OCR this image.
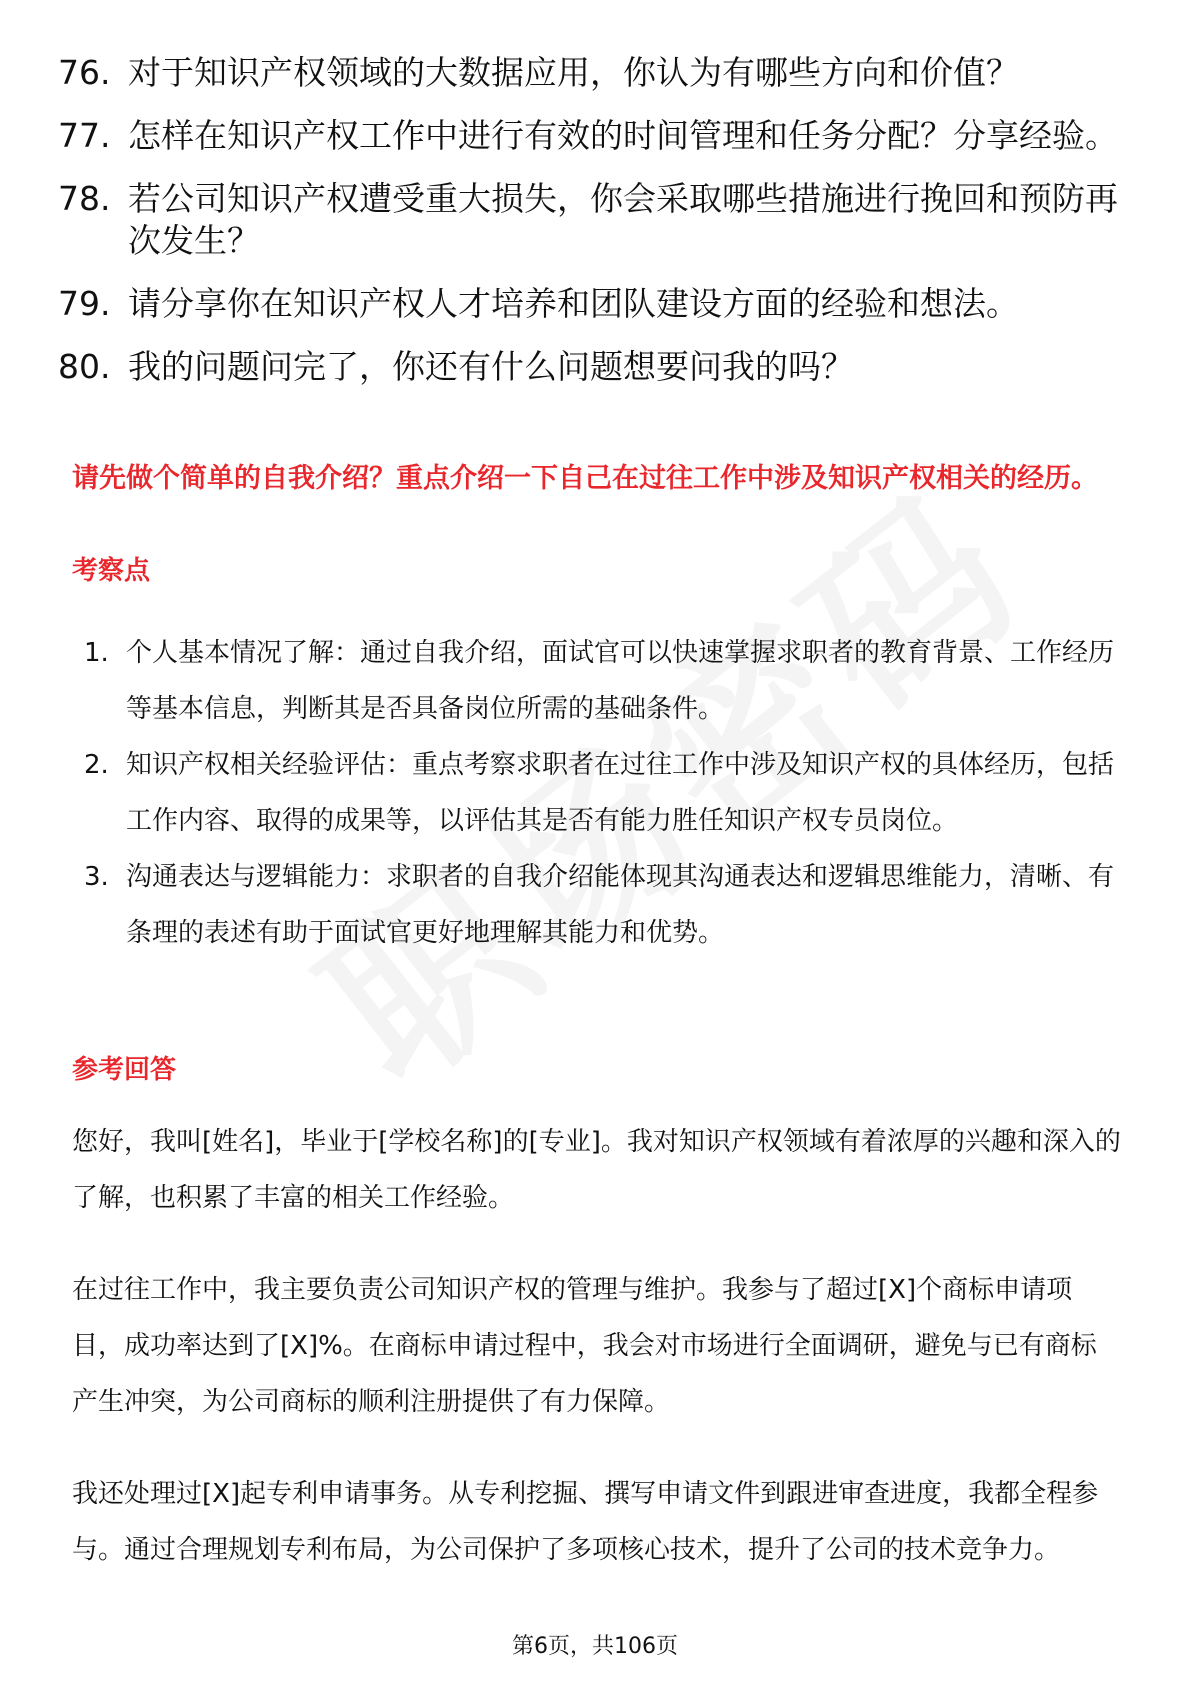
76. 对于知识产权领域的大数据应用，你认为有哪些方向和价值？
77. 怎样在知识产权工作中进行有效的时间管理和任务分配？分享经验。
78. 若公司知识产权遭受重大损失，你会采取哪些措施进行挽回和预防再次发生？
79. 请分享你在知识产权人才培养和团队建设方面的经验和想法。
80. 我的问题问完了，你还有什么问题想要问我的吗？
请先做个简单的自我介绍？重点介绍一下自己在过往工作中涉及知识产权相关的经历。
考察点
1. 个人基本情况了解：通过自我介绍，面试官可以快速掌握求职者的教育背景、工作经历等基本信息，判断其是否具备岗位所需的基础条件。
2. 知识产权相关经验评估：重点考察求职者在过往工作中涉及知识产权的具体经历，包括工作内容、取得的成果等，以评估其是否有能力胜任知识产权专员岗位。
3. 沟通表达与逻辑能力：求职者的自我介绍能体现其沟通表达和逻辑思维能力，清晰、有条理的表述有助于面试官更好地理解其能力和优势。
参考回答

您好，我叫[姓名]，毕业于[学校名称]的[专业]。我对知识产权领域有着浓厚的兴趣和深入的了解，也积累了丰富的相关工作经验。

在过往工作中，我主要负责公司知识产权的管理与维护。我参与了超过[X]个商标申请项目，成功率达到了[X]%。在商标申请过程中，我会对市场进行全面调研，避免与已有商标产生冲突，为公司商标的顺利注册提供了有力保障。

我还处理过[X]起专利申请事务。从专利挖掘、撰写申请文件到跟进审查进度，我都全程参与。通过合理规划专利布局，为公司保护了多项核心技术，提升了公司的技术竞争力。

第6页，共106页
